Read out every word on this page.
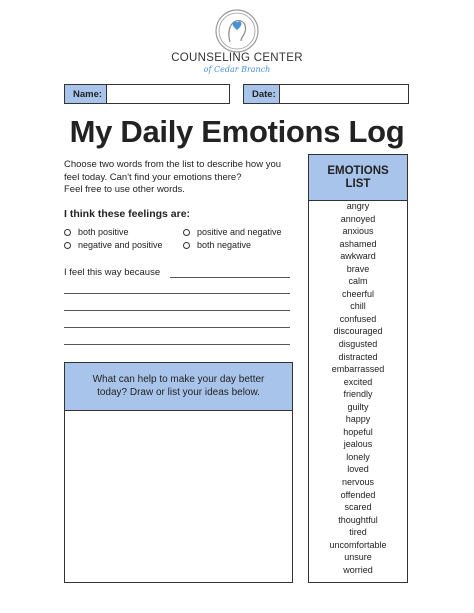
COUNSELING CENTER
of Cedar Branch
Name:	Date:
My Daily Emotions Log
Choose two words from the list to describe how you
feel today. Can't find your emotions there?
Feel free to use other words.
I think these feelings are:
both positive	positive and negative
negative and positive	both negative
I feel this way because
What can help to make your day better
today? Draw or list your ideas below.
EMOTIONS
LIST
angry
annoyed
anxious
ashamed
awkward
brave
calm
cheerful
chill
confused
discouraged
disgusted
distracted
embarrassed
excited
friendly
guilty
happy
hopeful
jealous
lonely
loved
nervous
offended
scared
thoughtful
tired
uncomfortable
unsure
worried
